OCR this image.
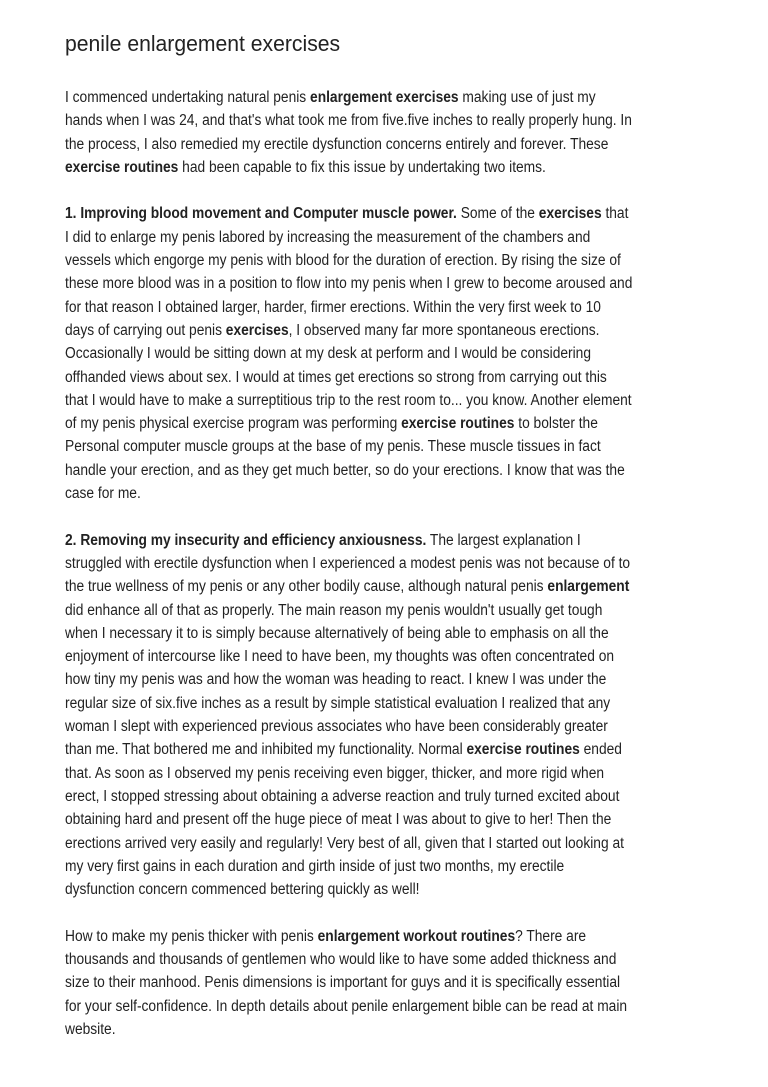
penile enlargement exercises
I commenced undertaking natural penis enlargement exercises making use of just my
hands when I was 24, and that's what took me from five.five inches to really properly hung. In
the process, I also remedied my erectile dysfunction concerns entirely and forever. These
exercise routines had been capable to fix this issue by undertaking two items.
1. Improving blood movement and Computer muscle power. Some of the exercises that
I did to enlarge my penis labored by increasing the measurement of the chambers and
vessels which engorge my penis with blood for the duration of erection. By rising the size of
these more blood was in a position to flow into my penis when I grew to become aroused and
for that reason I obtained larger, harder, firmer erections. Within the very first week to 10
days of carrying out penis exercises, I observed many far more spontaneous erections.
Occasionally I would be sitting down at my desk at perform and I would be considering
offhanded views about sex. I would at times get erections so strong from carrying out this
that I would have to make a surreptitious trip to the rest room to... you know. Another element
of my penis physical exercise program was performing exercise routines to bolster the
Personal computer muscle groups at the base of my penis. These muscle tissues in fact
handle your erection, and as they get much better, so do your erections. I know that was the
case for me.
2. Removing my insecurity and efficiency anxiousness. The largest explanation I
struggled with erectile dysfunction when I experienced a modest penis was not because of to
the true wellness of my penis or any other bodily cause, although natural penis enlargement
did enhance all of that as properly. The main reason my penis wouldn't usually get tough
when I necessary it to is simply because alternatively of being able to emphasis on all the
enjoyment of intercourse like I need to have been, my thoughts was often concentrated on
how tiny my penis was and how the woman was heading to react. I knew I was under the
regular size of six.five inches as a result by simple statistical evaluation I realized that any
woman I slept with experienced previous associates who have been considerably greater
than me. That bothered me and inhibited my functionality. Normal exercise routines ended
that. As soon as I observed my penis receiving even bigger, thicker, and more rigid when
erect, I stopped stressing about obtaining a adverse reaction and truly turned excited about
obtaining hard and present off the huge piece of meat I was about to give to her! Then the
erections arrived very easily and regularly! Very best of all, given that I started out looking at
my very first gains in each duration and girth inside of just two months, my erectile
dysfunction concern commenced bettering quickly as well!
How to make my penis thicker with penis enlargement workout routines? There are
thousands and thousands of gentlemen who would like to have some added thickness and
size to their manhood. Penis dimensions is important for guys and it is specifically essential
for your self-confidence. In depth details about penile enlargement bible can be read at main
website.
